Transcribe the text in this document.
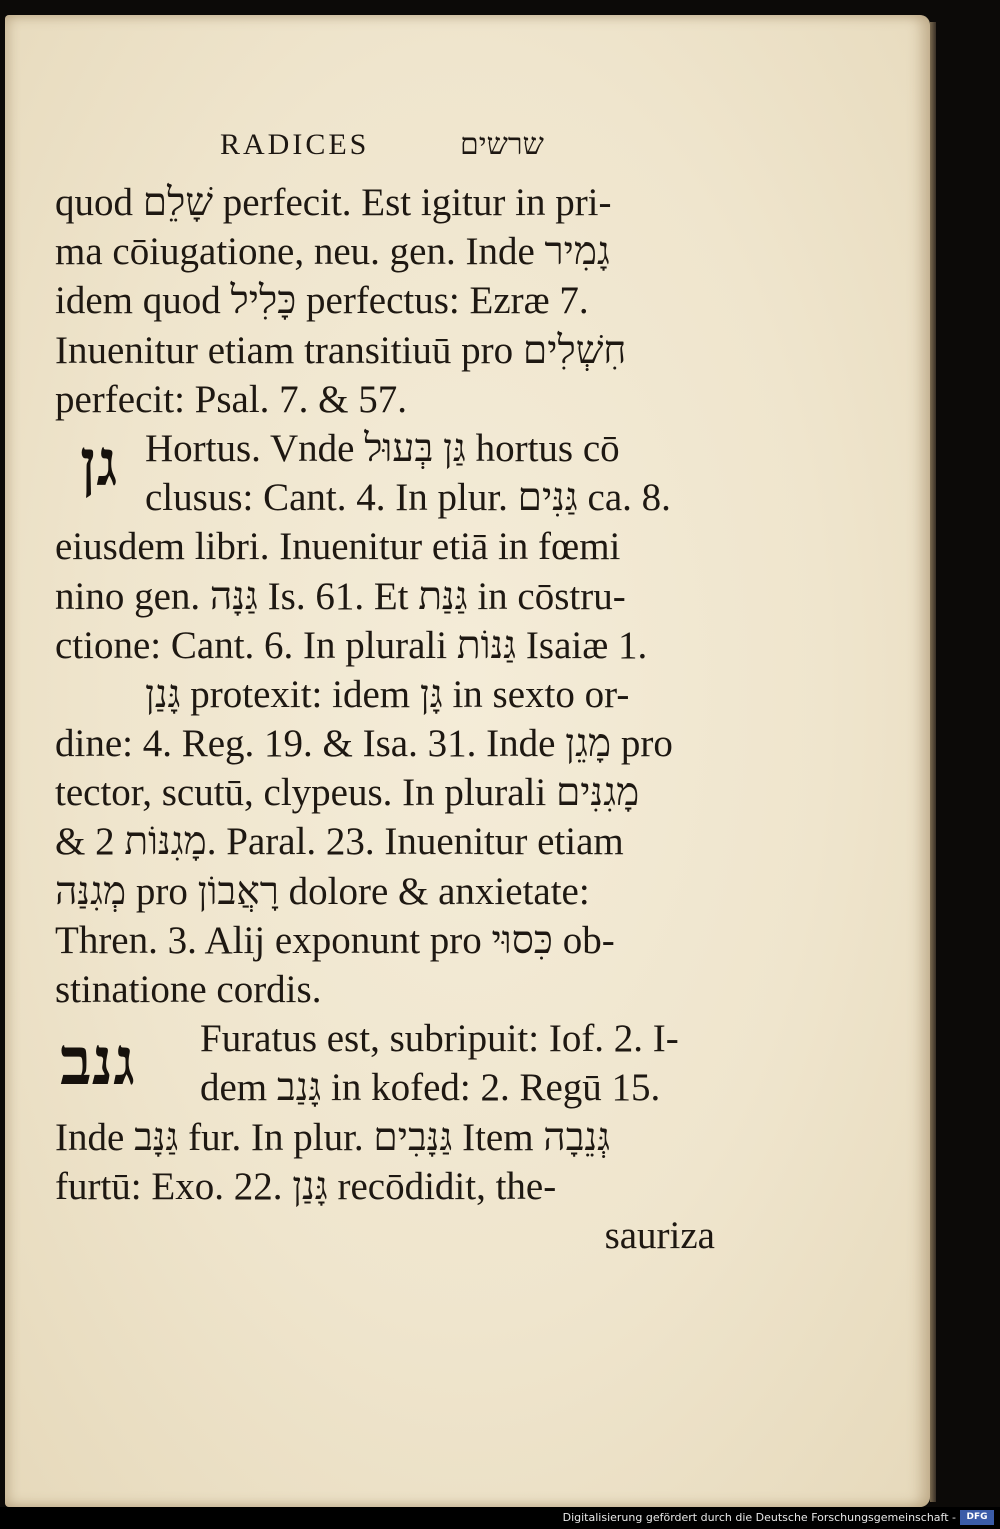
RADICES	שרשים
גן
גנב
quod שָׁלֵם perfecit. Est igitur in pri-
ma cōiugatione, neu. gen. Inde גָמִיר
idem quod כָּלִיל perfectus: Ezræ 7.
Inuenitur etiam transitiuū pro חִשְׁלִים
perfecit: Psal. 7. & 57.
Hortus. Vnde גַּן בְּעוּל hortus cō
clusus: Cant. 4. In plur. גַּנִּים ca. 8.
eiusdem libri. Inuenitur etiā in fœmi
nino gen. גַּנָּה Is. 61. Et גַּנַּת in cōstru-
ctione: Cant. 6. In plurali גַּנּוֹת Isaiæ 1.
גָּנַן protexit: idem גָּן in sexto or-
dine: 4. Reg. 19. & Isa. 31. Inde מָגֵן pro
tector, scutū, clypeus. In plurali מָגִנִּים
& מָגִנּוֹת 2. Paral. 23. Inuenitur etiam
מְגִנַּה pro רָאֲבוֹן dolore & anxietate:
Thren. 3. Alij exponunt pro כִּסוּי ob-
stinatione cordis.
Furatus est, subripuit: Iof. 2. I-
dem גָּנַב in kofed: 2. Regū 15.
Inde גַּנָּב fur. In plur. גַּנָּבִים Item גְּנֵבָה
furtū: Exo. 22. גָּנַן recōdidit, the-
sauriza
Digitalisierung gefördert durch die Deutsche Forschungsgemeinschaft -	DFG
